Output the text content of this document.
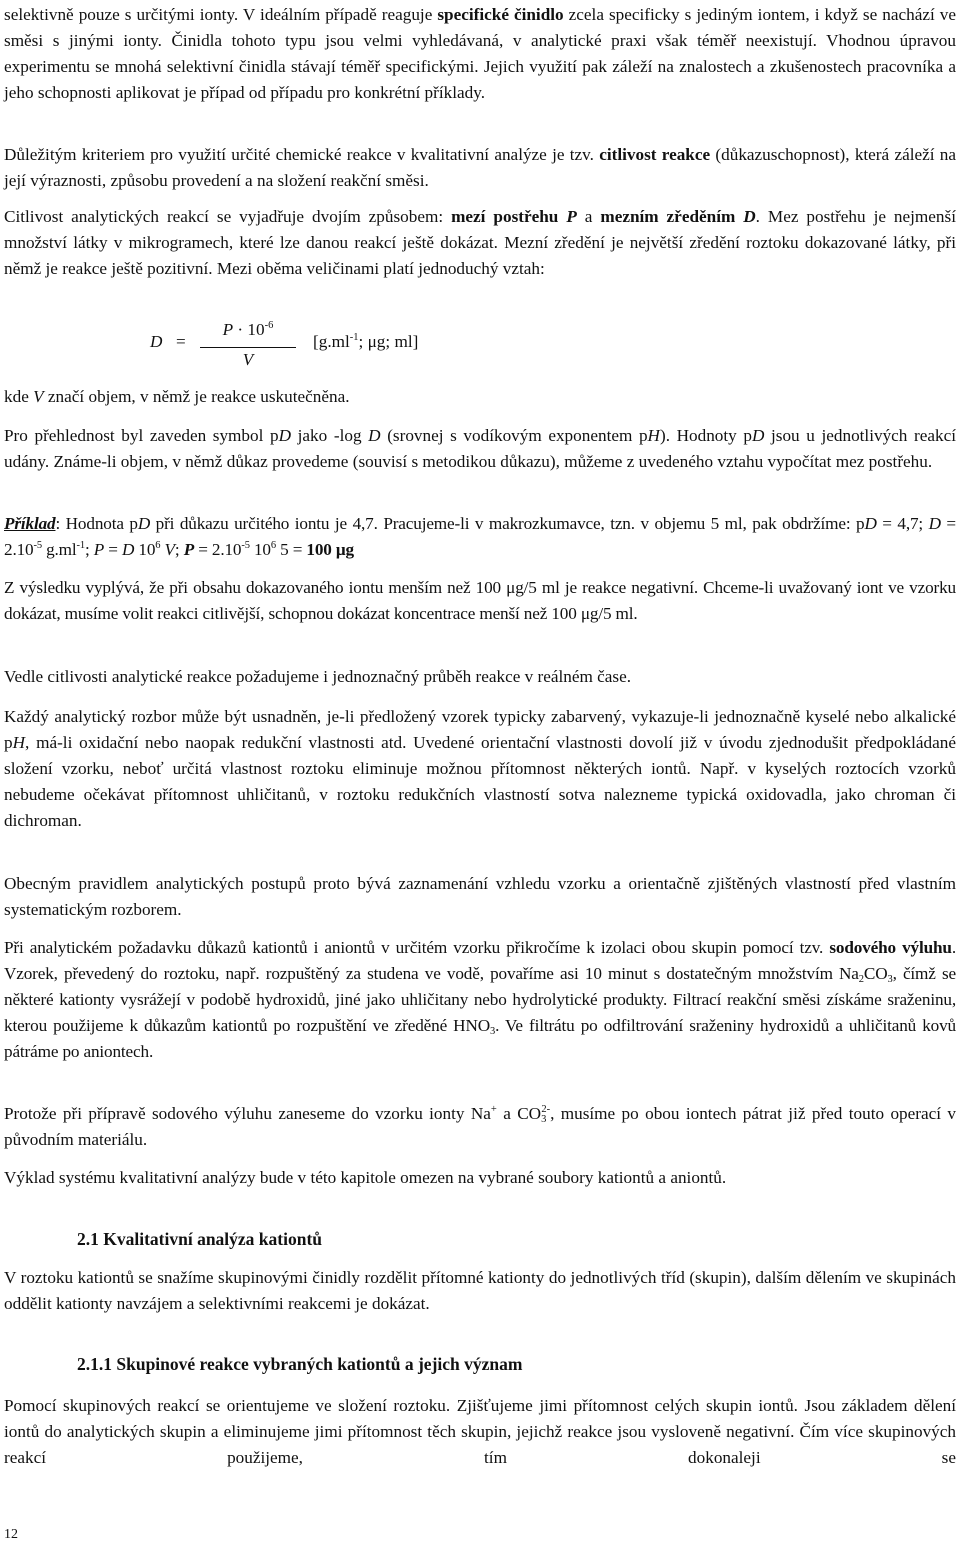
selektivně pouze s určitými ionty. V ideálním případě reaguje specifické činidlo zcela specificky s jediným iontem, i když se nachází ve směsi s jinými ionty. Činidla tohoto typu jsou velmi vyhledávaná, v analytické praxi však téměř neexistují. Vhodnou úpravou experimentu se mnohá selektivní činidla stávají téměř specifickými. Jejich využití pak záleží na znalostech a zkušenostech pracovníka a jeho schopnosti aplikovat je případ od případu pro konkrétní příklady.

Důležitým kriteriem pro využití určité chemické reakce v kvalitativní analýze je tzv. citlivost reakce (důkazuschopnost), která záleží na její výraznosti, způsobu provedení a na složení reakční směsi.

Citlivost analytických reakcí se vyjadřuje dvojím způsobem: mezí postřehu P a mezním zředěním D. Mez postřehu je nejmenší množství látky v mikrogramech, které lze danou reakcí ještě dokázat. Mezní zředění je největší zředění roztoku dokazované látky, při němž je reakce ještě pozitivní. Mezi oběma veličinami platí jednoduchý vztah:

D =
$P \cdot 10^{-6}$
V
[$g.ml^{-1}$; μg; ml]

kde V značí objem, v němž je reakce uskutečněna.

Pro přehlednost byl zaveden symbol pD jako -log D (srovnej s vodíkovým exponentem pH). Hodnoty pD jsou u jednotlivých reakcí udány. Známe-li objem, v němž důkaz provedeme (souvisí s metodikou důkazu), můžeme z uvedeného vztahu vypočítat mez postřehu.

Příklad: Hodnota pD při důkazu určitého iontu je 4,7. Pracujeme-li v makrozkumavce, tzn. v objemu 5 ml, pak obdržíme: pD = 4,7; $D = 2.10^{-5}$ $g.ml^{-1}$; P = D $10^6$ V; $P = 2.10^{-5}$ $10^6$ 5 = 100 μg

Z výsledku vyplývá, že při obsahu dokazovaného iontu menším než 100 μg/5 ml je reakce negativní. Chceme-li uvažovaný iont ve vzorku dokázat, musíme volit reakci citlivější, schopnou dokázat koncentrace menší než 100 μg/5 ml.

Vedle citlivosti analytické reakce požadujeme i jednoznačný průběh reakce v reálném čase.

Každý analytický rozbor může být usnadněn, je-li předložený vzorek typicky zabarvený, vykazuje-li jednoznačně kyselé nebo alkalické pH, má-li oxidační nebo naopak redukční vlastnosti atd. Uvedené orientační vlastnosti dovolí již v úvodu zjednodušit předpokládané složení vzorku, neboť určitá vlastnost roztoku eliminuje možnou přítomnost některých iontů. Např. v kyselých roztocích vzorků nebudeme očekávat přítomnost uhličitanů, v roztoku redukčních vlastností sotva nalezneme typická oxidovadla, jako chroman či dichroman.

Obecným pravidlem analytických postupů proto bývá zaznamenání vzhledu vzorku a orientačně zjištěných vlastností před vlastním systematickým rozborem.

Při analytickém požadavku důkazů kationtů i aniontů v určitém vzorku přikročíme k izolaci obou skupin pomocí tzv. sodového výluhu. Vzorek, převedený do roztoku, např. rozpuštěný za studena ve vodě, povaříme asi 10 minut s dostatečným množstvím $Na_2CO_3$, čímž se některé kationty vysrážejí v podobě hydroxidů, jiné jako uhličitany nebo hydrolytické produkty. Filtrací reakční směsi získáme sraženinu, kterou použijeme k důkazům kationtů po rozpuštění ve zředěné $HNO_3$. Ve filtrátu po odfiltrování sraženiny hydroxidů a uhličitanů kovů pátráme po aniontech.

Protože při přípravě sodového výluhu zaneseme do vzorku ionty Na+ a $CO_3^{2-}$, musíme po obou iontech pátrat již před touto operací v původním materiálu.

Výklad systému kvalitativní analýzy bude v této kapitole omezen na vybrané soubory kationtů a aniontů.

2.1 Kvalitativní analýza kationtů

V roztoku kationtů se snažíme skupinovými činidly rozdělit přítomné kationty do jednotlivých tříd (skupin), dalším dělením ve skupinách oddělit kationty navzájem a selektivními reakcemi je dokázat.

2.1.1 Skupinové reakce vybraných kationtů a jejich význam

Pomocí skupinových reakcí se orientujeme ve složení roztoku. Zjišťujeme jimi přítomnost celých skupin iontů. Jsou základem dělení iontů do analytických skupin a eliminujeme jimi přítomnost těch skupin, jejichž reakce jsou vysloveně negativní. Čím více skupinových reakcí použijeme, tím dokonaleji se

12
